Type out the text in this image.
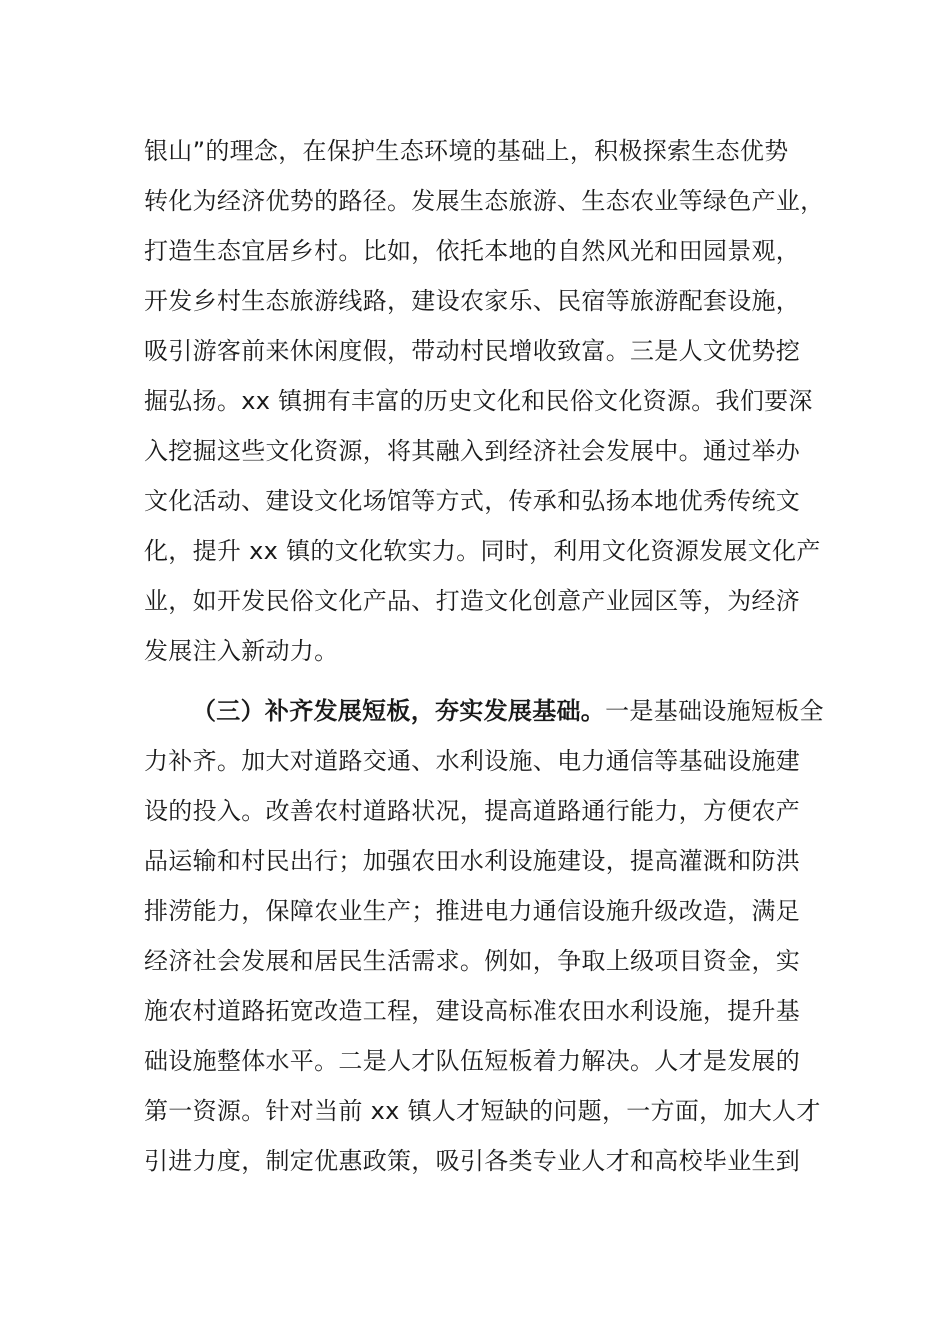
银山”的理念，在保护生态环境的基础上，积极探索生态优势
转化为经济优势的路径。发展生态旅游、生态农业等绿色产业，
打造生态宜居乡村。比如，依托本地的自然风光和田园景观，
开发乡村生态旅游线路，建设农家乐、民宿等旅游配套设施，
吸引游客前来休闲度假，带动村民增收致富。三是人文优势挖
掘弘扬。xx 镇拥有丰富的历史文化和民俗文化资源。我们要深
入挖掘这些文化资源，将其融入到经济社会发展中。通过举办
文化活动、建设文化场馆等方式，传承和弘扬本地优秀传统文
化，提升 xx 镇的文化软实力。同时，利用文化资源发展文化产
业，如开发民俗文化产品、打造文化创意产业园区等，为经济
发展注入新动力。
（三）补齐发展短板，夯实发展基础。一是基础设施短板全
力补齐。加大对道路交通、水利设施、电力通信等基础设施建
设的投入。改善农村道路状况，提高道路通行能力，方便农产
品运输和村民出行；加强农田水利设施建设，提高灌溉和防洪
排涝能力，保障农业生产；推进电力通信设施升级改造，满足
经济社会发展和居民生活需求。例如，争取上级项目资金，实
施农村道路拓宽改造工程，建设高标准农田水利设施，提升基
础设施整体水平。二是人才队伍短板着力解决。人才是发展的
第一资源。针对当前 xx 镇人才短缺的问题，一方面，加大人才
引进力度，制定优惠政策，吸引各类专业人才和高校毕业生到
